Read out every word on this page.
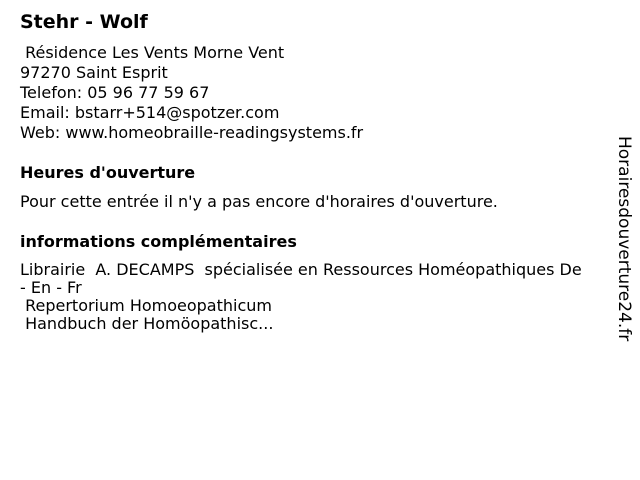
Stehr - Wolf
Résidence Les Vents Morne Vent
97270 Saint Esprit
Telefon: 05 96 77 59 67
Email: bstarr+514@spotzer.com
Web: www.homeobraille-readingsystems.fr
Heures d'ouverture
Pour cette entrée il n'y a pas encore d'horaires d'ouverture.
informations complémentaires
Librairie  A. DECAMPS  spécialisée en Ressources Homéopathiques De - En - Fr
Repertorium Homoeopathicum
Handbuch der Homöopathisc...	Horairesdouverture24.fr
